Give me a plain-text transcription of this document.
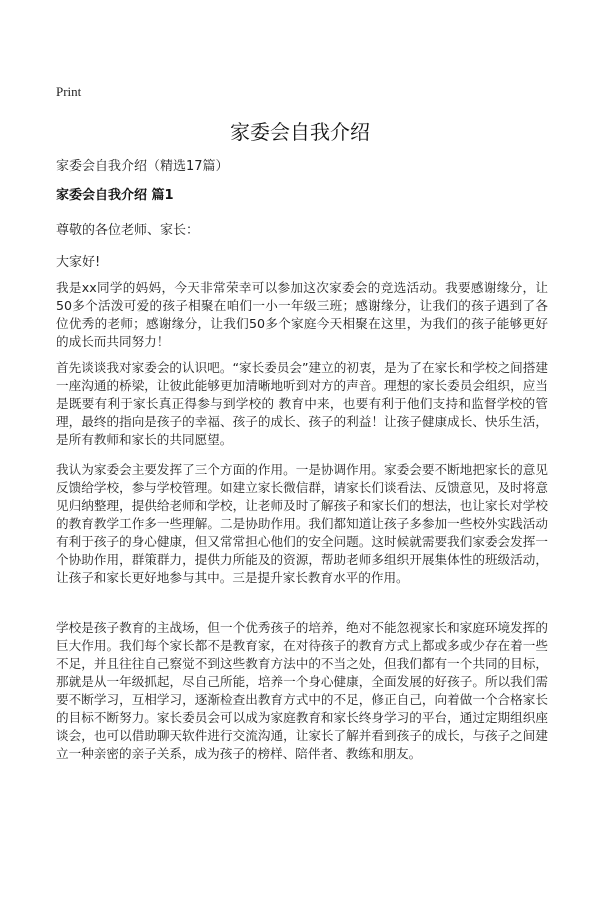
Print
家委会自我介绍
家委会自我介绍（精选17篇）
家委会自我介绍 篇1
尊敬的各位老师、家长：
大家好!

我是xx同学的妈妈，今天非常荣幸可以参加这次家委会的竞选活动。我要感谢缘分，让50多个活泼可爱的孩子相聚在咱们一小一年级三班；感谢缘分，让我们的孩子遇到了各位优秀的老师；感谢缘分，让我们50多个家庭今天相聚在这里，为我们的孩子能够更好的成长而共同努力！

首先谈谈我对家委会的认识吧。“家长委员会”建立的初衷，是为了在家长和学校之间搭建一座沟通的桥梁，让彼此能够更加清晰地听到对方的声音。理想的家长委员会组织，应当是既要有利于家长真正得参与到学校的 教育中来，也要有利于他们支持和监督学校的管理，最终的指向是孩子的幸福、孩子的成长、孩子的利益！让孩子健康成长、快乐生活，是所有教师和家长的共同愿望。

我认为家委会主要发挥了三个方面的作用。一是协调作用。家委会要不断地把家长的意见反馈给学校，参与学校管理。如建立家长微信群，请家长们谈看法、反馈意见，及时将意见归纳整理，提供给老师和学校，让老师及时了解孩子和家长们的想法，也让家长对学校的教育教学工作多一些理解。二是协助作用。我们都知道让孩子多参加一些校外实践活动有利于孩子的身心健康，但又常常担心他们的安全问题。这时候就需要我们家委会发挥一个协助作用，群策群力，提供力所能及的资源，帮助老师多组织开展集体性的班级活动，让孩子和家长更好地参与其中。三是提升家长教育水平的作用。

学校是孩子教育的主战场，但一个优秀孩子的培养，绝对不能忽视家长和家庭环境发挥的巨大作用。我们每个家长都不是教育家，在对待孩子的教育方式上都或多或少存在着一些不足，并且往往自己察觉不到这些教育方法中的不当之处，但我们都有一个共同的目标，那就是从一年级抓起，尽自己所能，培养一个身心健康，全面发展的好孩子。所以我们需要不断学习，互相学习，逐渐检查出教育方式中的不足，修正自己，向着做一个合格家长的目标不断努力。家长委员会可以成为家庭教育和家长终身学习的平台，通过定期组织座谈会，也可以借助聊天软件进行交流沟通，让家长了解并看到孩子的成长，与孩子之间建立一种亲密的亲子关系，成为孩子的榜样、陪伴者、教练和朋友。
